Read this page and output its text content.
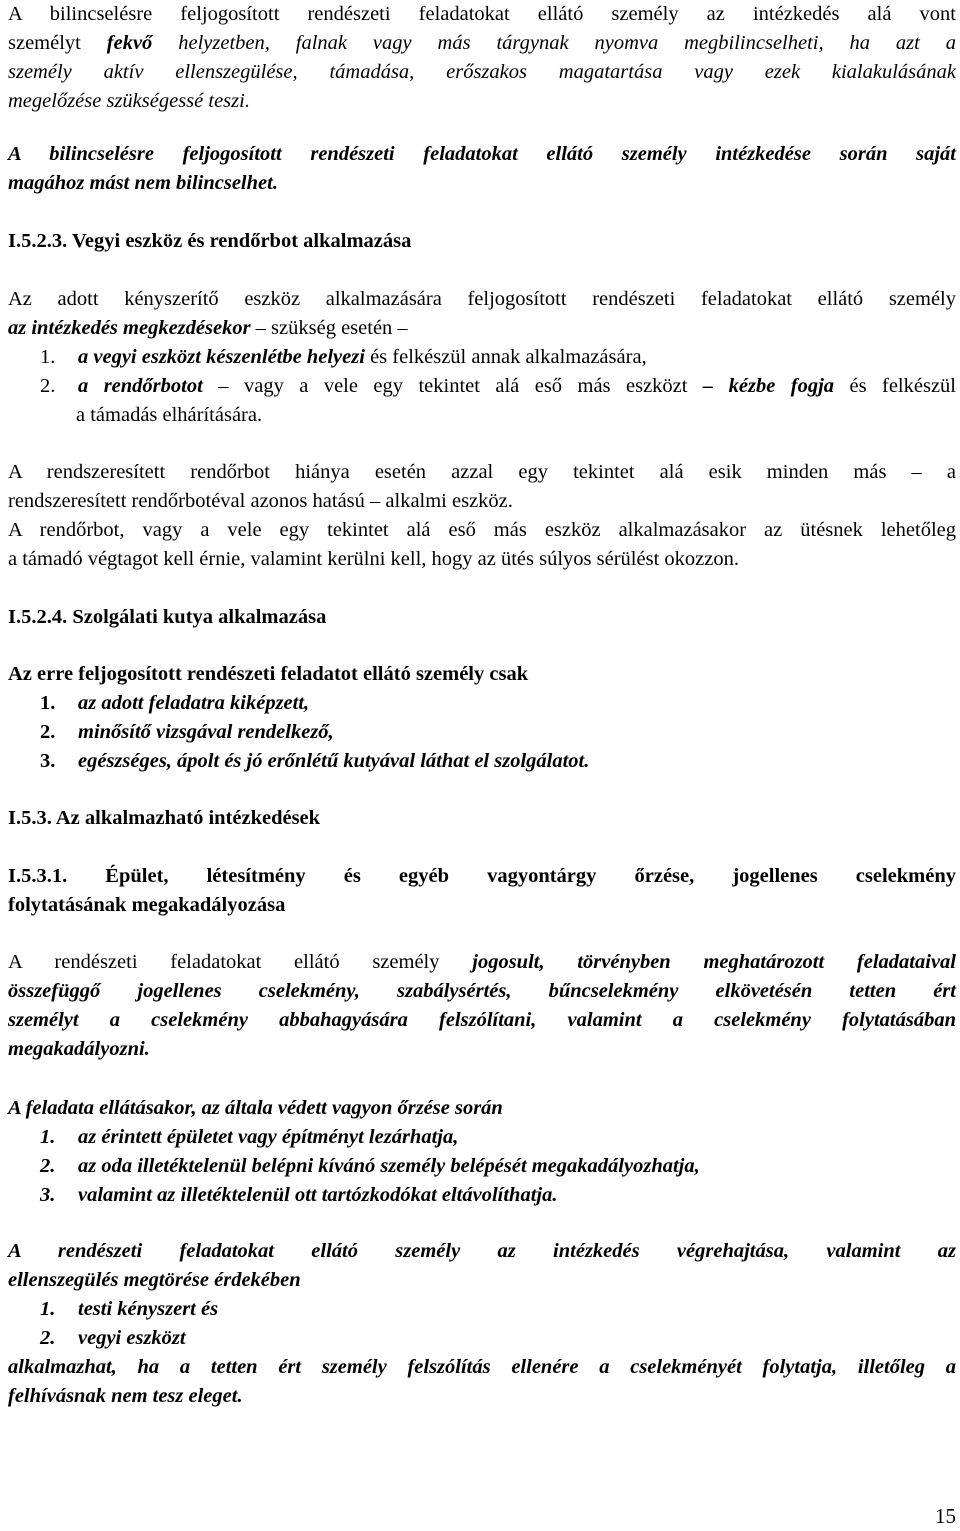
A bilincselésre feljogosított rendészeti feladatokat ellátó személy az intézkedés alá vont

személyt fekvő helyzetben, falnak vagy más tárgynak nyomva megbilincselheti, ha azt a

személy aktív ellenszegülése, támadása, erőszakos magatartása vagy ezek kialakulásának

megelőzése szükségessé teszi.

A bilincselésre feljogosított rendészeti feladatokat ellátó személy intézkedése során saját

magához mást nem bilincselhet.

I.5.2.3. Vegyi eszköz és rendőrbot alkalmazása

Az adott kényszerítő eszköz alkalmazására feljogosított rendészeti feladatokat ellátó személy

az intézkedés megkezdésekor – szükség esetén –

1.	a vegyi eszközt készenlétbe helyezi és felkészül annak alkalmazására,
2.	a rendőrbotot – vagy a vele egy tekintet alá eső más eszközt – kézbe fogja és felkészül

a támadás elhárítására.

A rendszeresített rendőrbot hiánya esetén azzal egy tekintet alá esik minden más – a

rendszeresített rendőrbotéval azonos hatású – alkalmi eszköz.

A rendőrbot, vagy a vele egy tekintet alá eső más eszköz alkalmazásakor az ütésnek lehetőleg

a támadó végtagot kell érnie, valamint kerülni kell, hogy az ütés súlyos sérülést okozzon.

I.5.2.4. Szolgálati kutya alkalmazása

Az erre feljogosított rendészeti feladatot ellátó személy csak

1.	az adott feladatra kiképzett,
2.	minősítő vizsgával rendelkező,
3.	egészséges, ápolt és jó erőnlétű kutyával láthat el szolgálatot.

I.5.3. Az alkalmazható intézkedések

I.5.3.1. Épület, létesítmény és egyéb vagyontárgy őrzése, jogellenes cselekmény

folytatásának megakadályozása

A rendészeti feladatokat ellátó személy jogosult, törvényben meghatározott feladataival

összefüggő jogellenes cselekmény, szabálysértés, bűncselekmény elkövetésén tetten ért

személyt a cselekmény abbahagyására felszólítani, valamint a cselekmény folytatásában

megakadályozni.

A feladata ellátásakor, az általa védett vagyon őrzése során

1.	az érintett épületet vagy építményt lezárhatja,
2.	az oda illetéktelenül belépni kívánó személy belépését megakadályozhatja,
3.	valamint az illetéktelenül ott tartózkodókat eltávolíthatja.

A rendészeti feladatokat ellátó személy az intézkedés végrehajtása, valamint az

ellenszegülés megtörése érdekében

1.	testi kényszert és
2.	vegyi eszközt

alkalmazhat, ha a tetten ért személy felszólítás ellenére a cselekményét folytatja, illetőleg a

felhívásnak nem tesz eleget.

15
